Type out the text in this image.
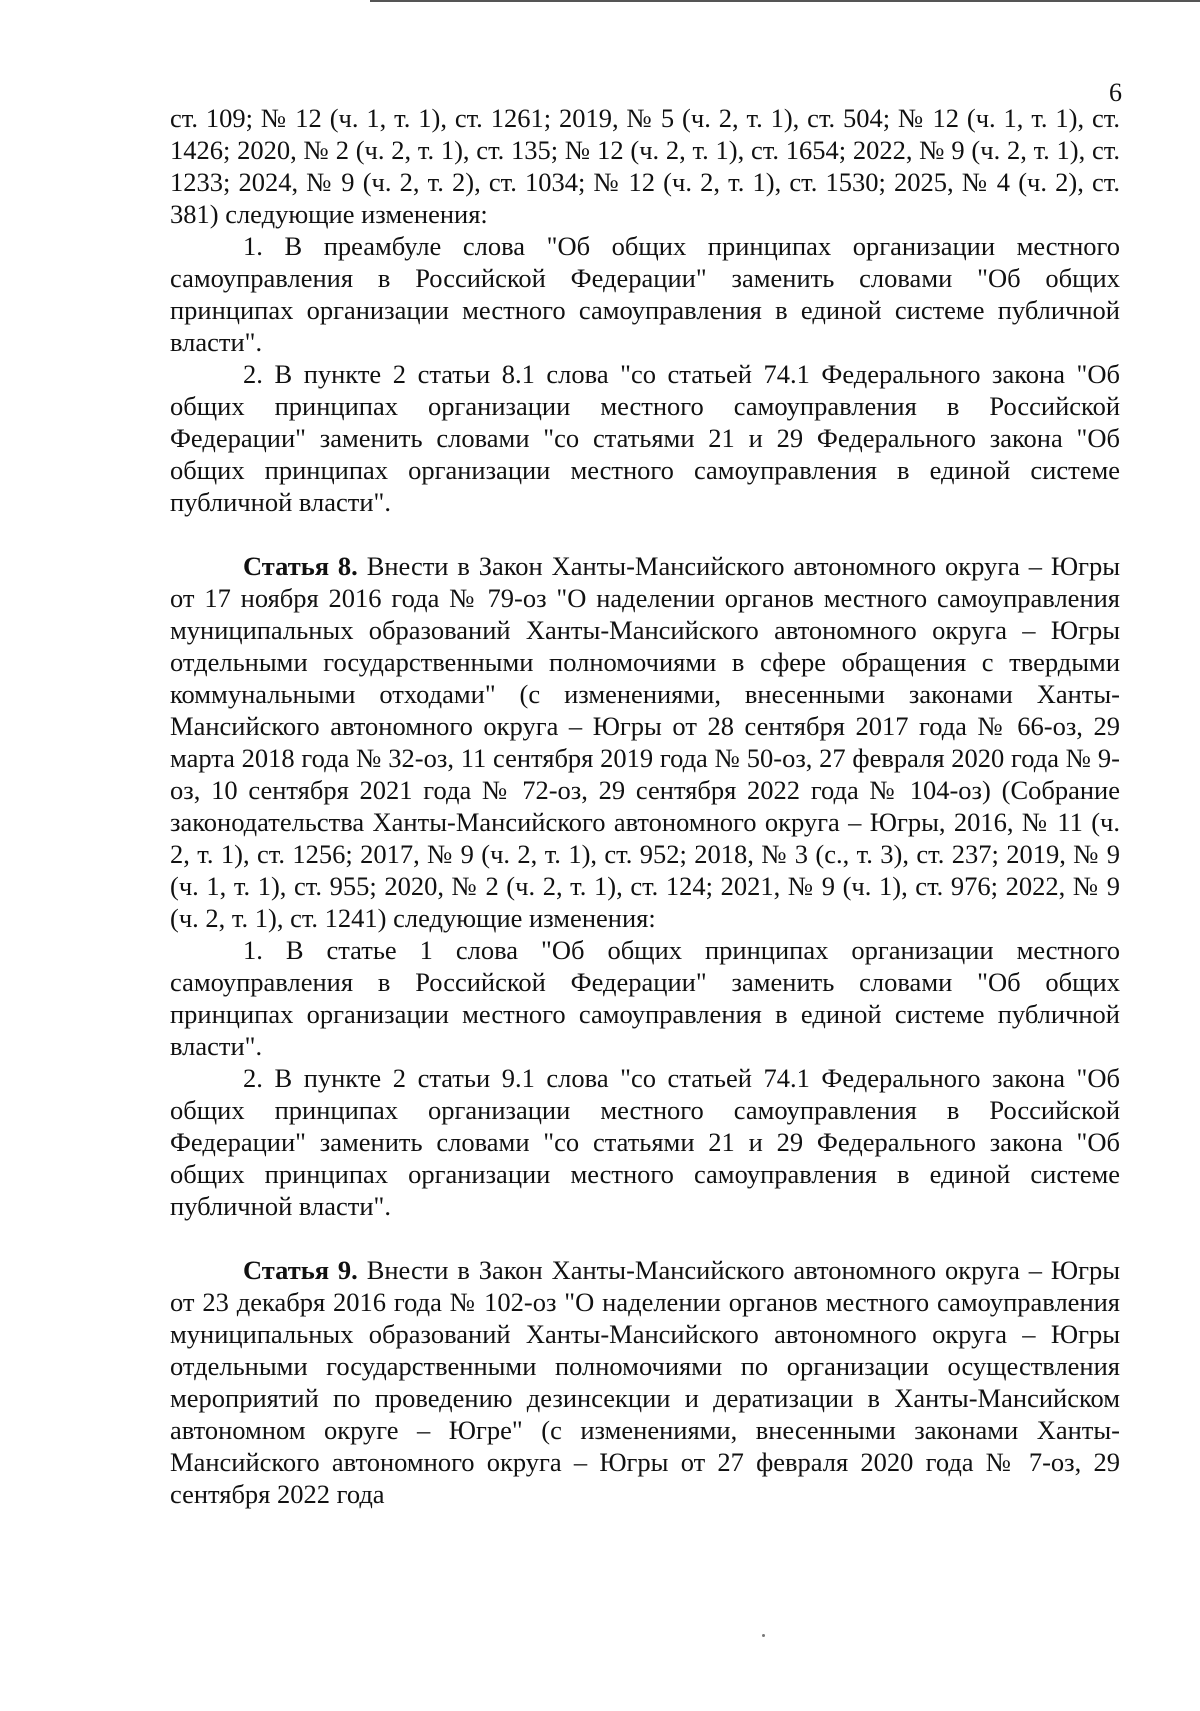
6

ст. 109; № 12 (ч. 1, т. 1), ст. 1261; 2019, № 5 (ч. 2, т. 1), ст. 504; № 12 (ч. 1, т. 1), ст. 1426; 2020, № 2 (ч. 2, т. 1), ст. 135; № 12 (ч. 2, т. 1), ст. 1654; 2022, № 9 (ч. 2, т. 1), ст. 1233; 2024, № 9 (ч. 2, т. 2), ст. 1034; № 12 (ч. 2, т. 1), ст. 1530; 2025, № 4 (ч. 2), ст. 381) следующие изменения:

1. В преамбуле слова "Об общих принципах организации местного самоуправления в Российской Федерации" заменить словами "Об общих принципах организации местного самоуправления в единой системе публичной власти".

2. В пункте 2 статьи 8.1 слова "со статьей 74.1 Федерального закона "Об общих принципах организации местного самоуправления в Российской Федерации" заменить словами "со статьями 21 и 29 Федерального закона "Об общих принципах организации местного самоуправления в единой системе публичной власти".

Статья 8. Внести в Закон Ханты-Мансийского автономного округа – Югры от 17 ноября 2016 года № 79-оз "О наделении органов местного самоуправления муниципальных образований Ханты-Мансийского автономного округа – Югры отдельными государственными полномочиями в сфере обращения с твердыми коммунальными отходами" (с изменениями, внесенными законами Ханты-Мансийского автономного округа – Югры от 28 сентября 2017 года № 66-оз, 29 марта 2018 года № 32-оз, 11 сентября 2019 года № 50-оз, 27 февраля 2020 года № 9-оз, 10 сентября 2021 года № 72-оз, 29 сентября 2022 года № 104-оз) (Собрание законодательства Ханты-Мансийского автономного округа – Югры, 2016, № 11 (ч. 2, т. 1), ст. 1256; 2017, № 9 (ч. 2, т. 1), ст. 952; 2018, № 3 (с., т. 3), ст. 237; 2019, № 9 (ч. 1, т. 1), ст. 955; 2020, № 2 (ч. 2, т. 1), ст. 124; 2021, № 9 (ч. 1), ст. 976; 2022, № 9 (ч. 2, т. 1), ст. 1241) следующие изменения:

1. В статье 1 слова "Об общих принципах организации местного самоуправления в Российской Федерации" заменить словами "Об общих принципах организации местного самоуправления в единой системе публичной власти".

2. В пункте 2 статьи 9.1 слова "со статьей 74.1 Федерального закона "Об общих принципах организации местного самоуправления в Российской Федерации" заменить словами "со статьями 21 и 29 Федерального закона "Об общих принципах организации местного самоуправления в единой системе публичной власти".

Статья 9. Внести в Закон Ханты-Мансийского автономного округа – Югры от 23 декабря 2016 года № 102-оз "О наделении органов местного самоуправления муниципальных образований Ханты-Мансийского автономного округа – Югры отдельными государственными полномочиями по организации осуществления мероприятий по проведению дезинсекции и дератизации в Ханты-Мансийском автономном округе – Югре" (с изменениями, внесенными законами Ханты-Мансийского автономного округа – Югры от 27 февраля 2020 года № 7-оз, 29 сентября 2022 года
